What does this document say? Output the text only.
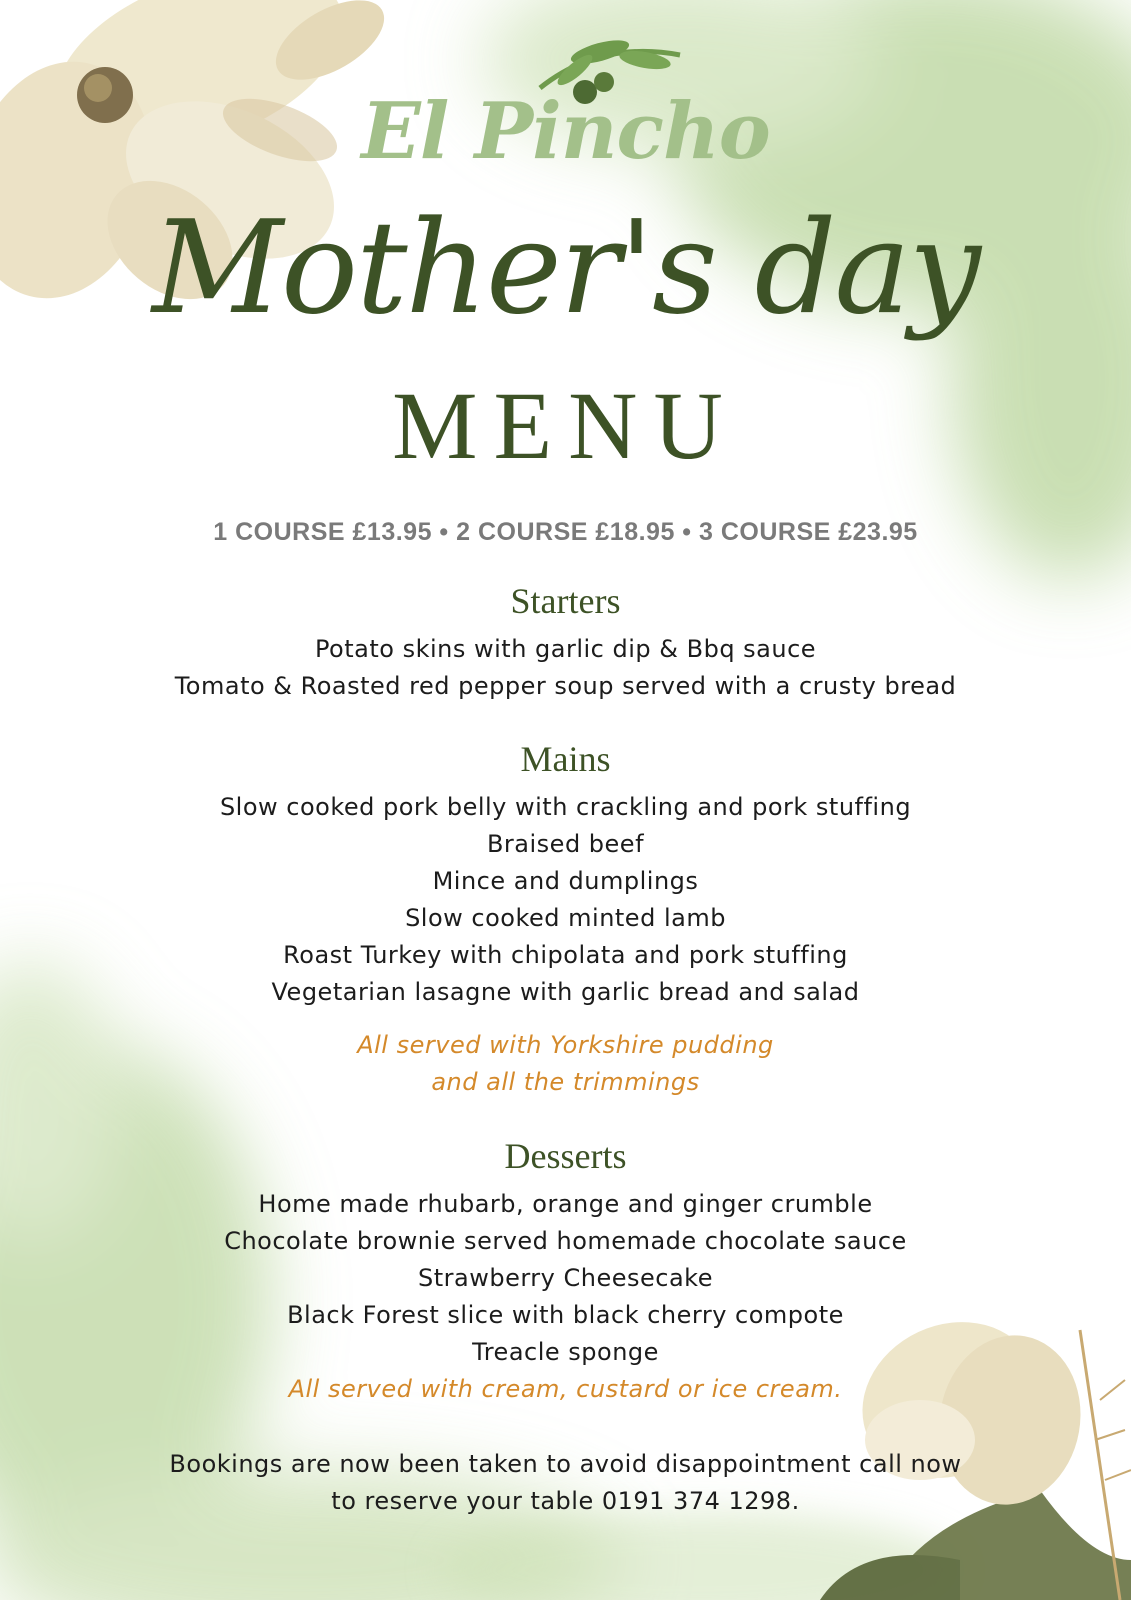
El Pincho
Mother's day
MENU
1 COURSE £13.95 • 2 COURSE £18.95 • 3 COURSE £23.95
Starters
Potato skins with garlic dip & Bbq sauce
Tomato & Roasted red pepper soup served with a crusty bread
Mains
Slow cooked pork belly with crackling and pork stuffing
Braised beef
Mince and dumplings
Slow cooked minted lamb
Roast Turkey with chipolata and pork stuffing
Vegetarian lasagne with garlic bread and salad
All served with Yorkshire pudding
and all the trimmings
Desserts
Home made rhubarb, orange and ginger crumble
Chocolate brownie served homemade chocolate sauce
Strawberry Cheesecake
Black Forest slice with black cherry compote
Treacle sponge
All served with cream, custard or ice cream.
Bookings are now been taken to avoid disappointment call now
to reserve your table 0191 374 1298.
